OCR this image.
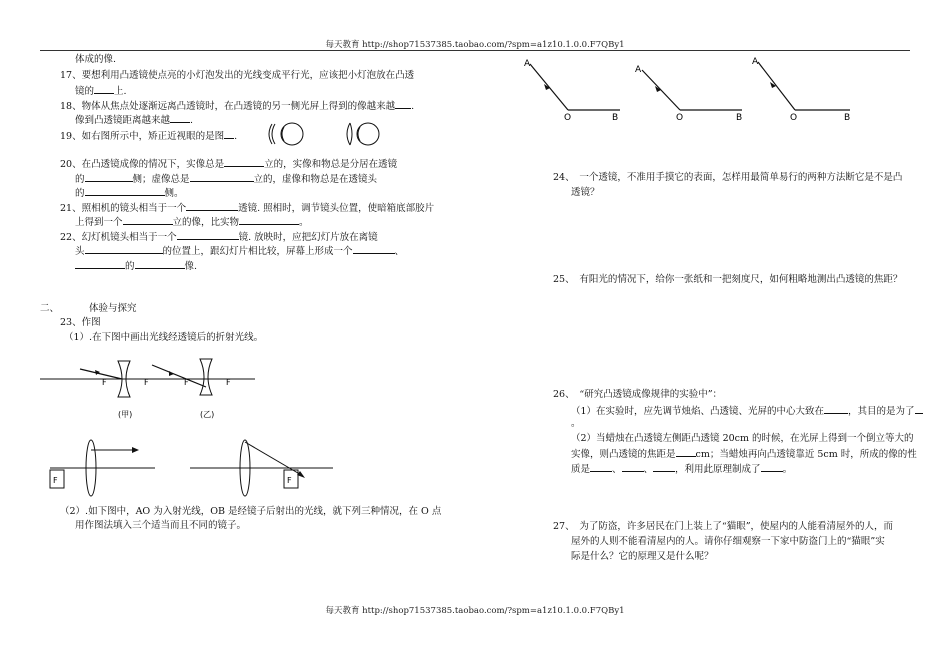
每天教育 http://shop71537385.taobao.com/?spm=a1z10.1.0.0.F7QBy1
每天教育 http://shop71537385.taobao.com/?spm=a1z10.1.0.0.F7QBy1
体成的像.
17、要想利用凸透镜使点亮的小灯泡发出的光线变成平行光，应该把小灯泡放在凸透
镜的 上.
18、物体从焦点处逐渐远离凸透镜时，在凸透镜的另一侧光屏上得到的像越来越 .
像到凸透镜距离越来越 .
19、如右图所示中，矫正近视眼的是图 .
20、在凸透镜成像的情况下，实像总是	立的，实像和物总是分居在透镜
的	侧；虚像总是	立的，虚像和物总是在透镜头
的	侧。
21、照相机的镜头相当于一个	透镜. 照相时，调节镜头位置，使暗箱底部胶片
上得到一个	立的像，比实物	。
22、幻灯机镜头相当于一个	镜. 放映时，应把幻灯片放在离镜
头	的位置上，跟幻灯片相比较，屏幕上形成一个	、
的	像.
二、	体验与探究
23、作图
（1）.在下图中画出光线经透镜后的折射光线。
F	F
(甲)
F	F
(乙)
F	F
（2）.如下图中，AO 为入射光线，OB 是经镜子后射出的光线，就下列三种情况，在 O 点
用作图法填入三个适当而且不同的镜子。
A
O	B
A
O	B
A
O	B
24、　一个透镜，不准用手摸它的表面，怎样用最简单易行的两种方法断它是不是凸
透镜？
25、　有阳光的情况下，给你一张纸和一把刻度尺，如何粗略地测出凸透镜的焦距？
26、　“研究凸透镜成像规律的实验中”：
（1）在实验时，应先调节烛焰、凸透镜、光屏的中心大致在	，其目的是为了
。
（2）当蜡烛在凸透镜左侧距凸透镜 20cm 的时候，在光屏上得到一个倒立等大的
实像，则凸透镜的焦距是 cm；当蜡烛再向凸透镜靠近 5cm 时，所成的像的性
质是 、 、 ，利用此原理制成了 。
27、　为了防盗，许多居民在门上装上了“猫眼”，使屋内的人能看清屋外的人，而
屋外的人则不能看清屋内的人。请你仔细观察一下家中防盗门上的“猫眼”实
际是什么？它的原理又是什么呢？
